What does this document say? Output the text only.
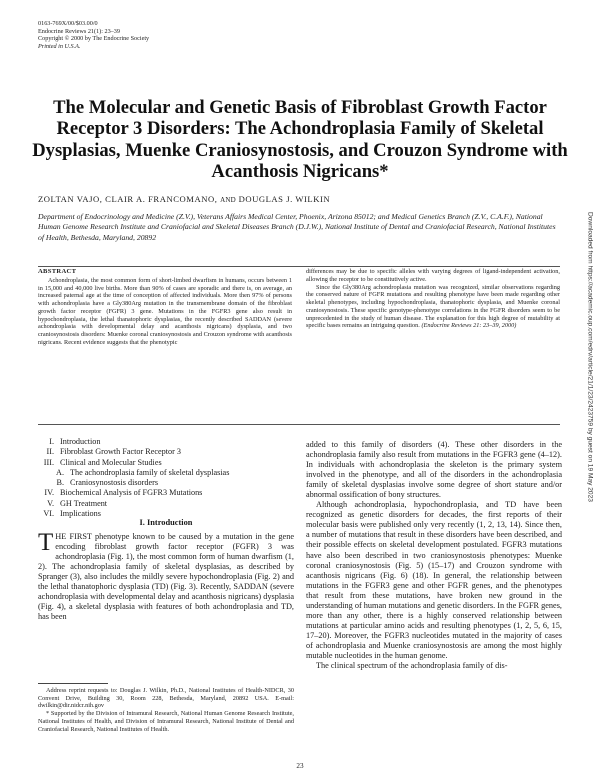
0163-769X/00/$03.00/0
Endocrine Reviews 21(1): 23–39
Copyright © 2000 by The Endocrine Society
Printed in U.S.A.
The Molecular and Genetic Basis of Fibroblast Growth Factor Receptor 3 Disorders: The Achondroplasia Family of Skeletal Dysplasias, Muenke Craniosynostosis, and Crouzon Syndrome with Acanthosis Nigricans*
ZOLTAN VAJO, CLAIR A. FRANCOMANO, AND DOUGLAS J. WILKIN
Department of Endocrinology and Medicine (Z.V.), Veterans Affairs Medical Center, Phoenix, Arizona 85012; and Medical Genetics Branch (Z.V., C.A.F.), National Human Genome Research Institute and Craniofacial and Skeletal Diseases Branch (D.J.W.), National Institute of Dental and Craniofacial Research, National Institutes of Health, Bethesda, Maryland, 20892
ABSTRACT

Achondroplasia, the most common form of short-limbed dwarfism in humans, occurs between 1 in 15,000 and 40,000 live births. More than 90% of cases are sporadic and there is, on average, an increased paternal age at the time of conception of affected individuals. More then 97% of persons with achondroplasia have a Gly380Arg mutation in the transmembrane domain of the fibroblast growth factor receptor (FGFR) 3 gene. Mutations in the FGFR3 gene also result in hypochondroplasia, the lethal thanatophoric dysplasias, the recently described SADDAN (severe achondroplasia with developmental delay and acanthosis nigricans) dysplasia, and two craniosynostosis disorders: Muenke coronal craniosynostosis and Crouzon syndrome with acanthosis nigricans. Recent evidence suggests that the phenotypic

differences may be due to specific alleles with varying degrees of ligand-independent activation, allowing the receptor to be constitutively active.

Since the Gly380Arg achondroplasia mutation was recognized, similar observations regarding the conserved nature of FGFR mutations and resulting phenotype have been made regarding other skeletal phenotypes, including hypochondroplasia, thanatophoric dysplasia, and Muenke coronal craniosynostosis. These specific genotype-phenotype correlations in the FGFR disorders seem to be unprecedented in the study of human disease. The explanation for this high degree of mutability at specific bases remains an intriguing question. (Endocrine Reviews 21: 23–39, 2000)

I. Introduction
II. Fibroblast Growth Factor Receptor 3
III. Clinical and Molecular Studies
A. The achondroplasia family of skeletal dysplasias
B. Craniosynostosis disorders
IV. Biochemical Analysis of FGFR3 Mutations
V. GH Treatment
VI. Implications
I. Introduction

THE FIRST phenotype known to be caused by a mutation in the gene encoding fibroblast growth factor receptor (FGFR) 3 was achondroplasia (Fig. 1), the most common form of human dwarfism (1, 2). The achondroplasia family of skeletal dysplasias, as described by Spranger (3), also includes the mildly severe hypochondroplasia (Fig. 2) and the lethal thanatophoric dysplasia (TD) (Fig. 3). Recently, SADDAN (severe achondroplasia with developmental delay and acanthosis nigricans) dysplasia (Fig. 4), a skeletal dysplasia with features of both achondroplasia and TD, has been

added to this family of disorders (4). These other disorders in the achondroplasia family also result from mutations in the FGFR3 gene (4–12). In individuals with achondroplasia the skeleton is the primary system involved in the phenotype, and all of the disorders in the achondroplasia family of skeletal dysplasias involve some degree of short stature and/or abnormal ossification of bony structures.

Although achondroplasia, hypochondroplasia, and TD have been recognized as genetic disorders for decades, the first reports of their molecular basis were published only very recently (1, 2, 13, 14). Since then, a number of mutations that result in these disorders have been described, and their possible effects on skeletal development postulated. FGFR3 mutations have also been described in two craniosynostosis phenotypes: Muenke coronal craniosynostosis (Fig. 5) (15–17) and Crouzon syndrome with acanthosis nigricans (Fig. 6) (18). In general, the relationship between mutations in the FGFR3 gene and other FGFR genes, and the phenotypes that result from these mutations, have broken new ground in the understanding of human mutations and genetic disorders. In the FGFR genes, more than any other, there is a highly conserved relationship between mutations at particular amino acids and resulting phenotypes (1, 2, 5, 6, 15, 17–20). Moreover, the FGFR3 nucleotides mutated in the majority of cases of achondroplasia and Muenke craniosynostosis are among the most highly mutable nucleotides in the human genome.

The clinical spectrum of the achondroplasia family of dis-

Address reprint requests to: Douglas J. Wilkin, Ph.D., National Institutes of Health-NIDCR, 30 Convent Drive, Building 30, Room 228, Bethesda, Maryland, 20892 USA. E-mail: dwilkin@dir.nidcr.nih.gov

* Supported by the Division of Intramural Research, National Human Genome Research Institute, National Institutes of Health, and Division of Intramural Research, National Institute of Dental and Craniofacial Research, National Institutes of Health.

23
Downloaded from https://academic.oup.com/edrv/article/21/1/23/2423759 by guest on 19 May 2023
